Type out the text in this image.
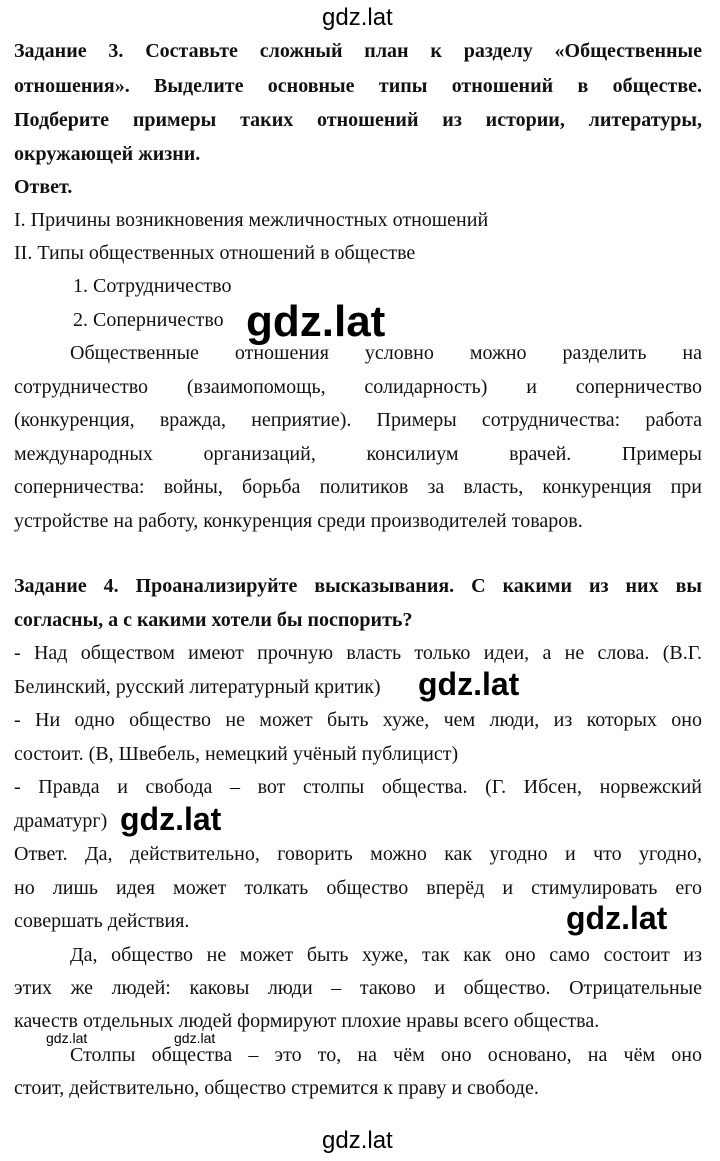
gdz.lat
Задание 3. Составьте сложный план к разделу «Общественные
отношения». Выделите основные типы отношений в обществе.
Подберите примеры таких отношений из истории, литературы,
окружающей жизни.
Ответ.
I. Причины возникновения межличностных отношений
II. Типы общественных отношений в обществе
1. Сотрудничество
2. Соперничество
Общественные отношения условно можно разделить на
сотрудничество (взаимопомощь, солидарность) и соперничество
(конкуренция, вражда, неприятие). Примеры сотрудничества: работа
международных организаций, консилиум врачей. Примеры
соперничества: войны, борьба политиков за власть, конкуренция при
устройстве на работу, конкуренция среди производителей товаров.
gdz.lat
Задание 4. Проанализируйте высказывания. С какими из них вы
согласны, а с какими хотели бы поспорить?
- Над обществом имеют прочную власть только идеи, а не слова. (В.Г.
Белинский, русский литературный критик)
- Ни одно общество не может быть хуже, чем люди, из которых оно
состоит. (В, Швебель, немецкий учёный публицист)
- Правда и свобода – вот столпы общества. (Г. Ибсен, норвежский
драматург)
Ответ. Да, действительно, говорить можно как угодно и что угодно,
но лишь идея может толкать общество вперёд и стимулировать его
совершать действия.
Да, общество не может быть хуже, так как оно само состоит из
этих же людей: каковы люди – таково и общество. Отрицательные
качеств отдельных людей формируют плохие нравы всего общества.
Столпы общества – это то, на чём оно основано, на чём оно
стоит, действительно, общество стремится к праву и свободе.
gdz.lat
gdz.lat
gdz.lat
gdz.lat	gdz.lat
gdz.lat
